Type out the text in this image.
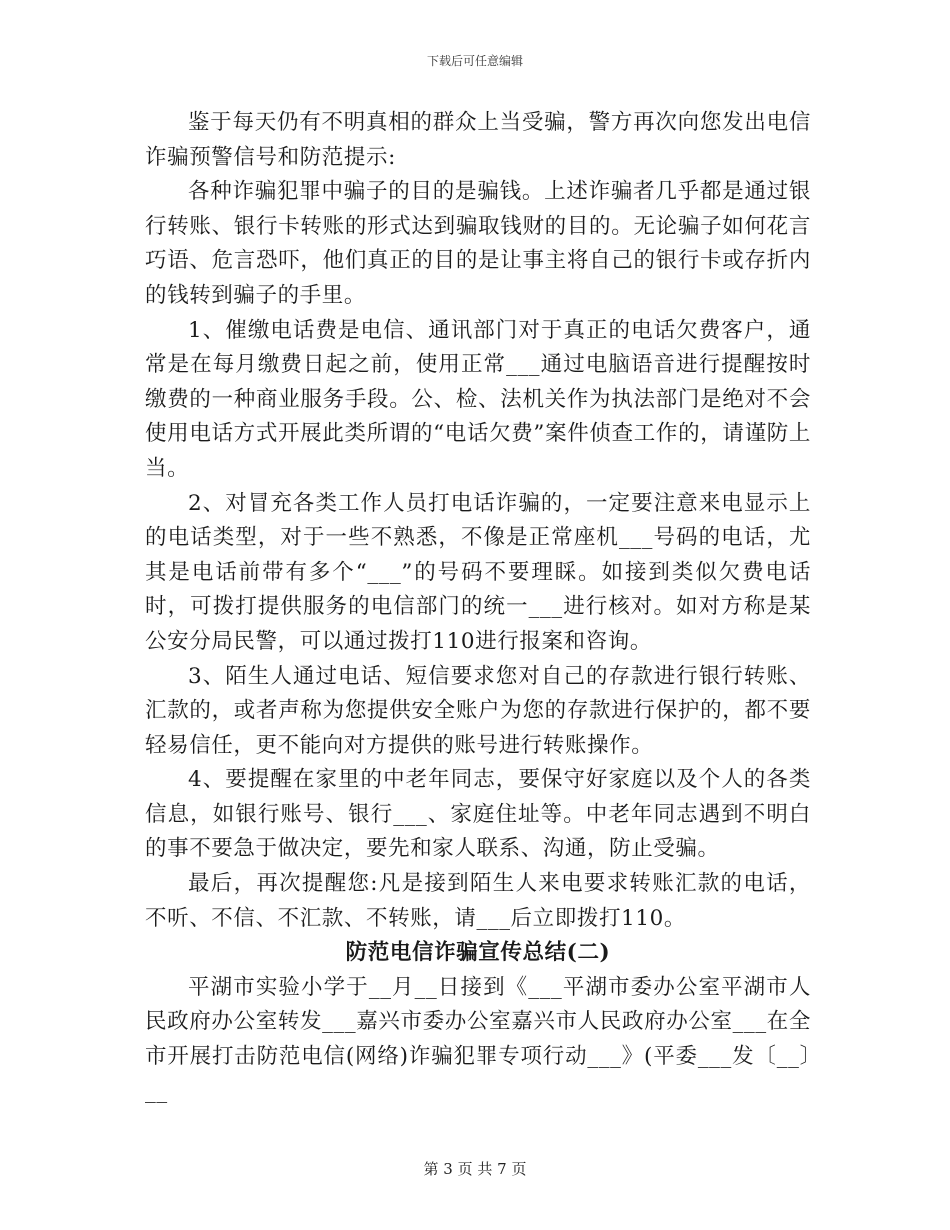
下载后可任意编辑

鉴于每天仍有不明真相的群众上当受骗，警方再次向您发出电信诈骗预警信号和防范提示:

各种诈骗犯罪中骗子的目的是骗钱。上述诈骗者几乎都是通过银行转账、银行卡转账的形式达到骗取钱财的目的。无论骗子如何花言巧语、危言恐吓，他们真正的目的是让事主将自己的银行卡或存折内的钱转到骗子的手里。

1、催缴电话费是电信、通讯部门对于真正的电话欠费客户，通常是在每月缴费日起之前，使用正常___通过电脑语音进行提醒按时缴费的一种商业服务手段。公、检、法机关作为执法部门是绝对不会使用电话方式开展此类所谓的“电话欠费”案件侦查工作的，请谨防上当。

2、对冒充各类工作人员打电话诈骗的，一定要注意来电显示上的电话类型，对于一些不熟悉，不像是正常座机___号码的电话，尤其是电话前带有多个“___”的号码不要理睬。如接到类似欠费电话时，可拨打提供服务的电信部门的统一___进行核对。如对方称是某公安分局民警，可以通过拨打110进行报案和咨询。

3、陌生人通过电话、短信要求您对自己的存款进行银行转账、汇款的，或者声称为您提供安全账户为您的存款进行保护的，都不要轻易信任，更不能向对方提供的账号进行转账操作。

4、要提醒在家里的中老年同志，要保守好家庭以及个人的各类信息，如银行账号、银行___、家庭住址等。中老年同志遇到不明白的事不要急于做决定，要先和家人联系、沟通，防止受骗。

最后，再次提醒您:凡是接到陌生人来电要求转账汇款的电话，不听、不信、不汇款、不转账，请___后立即拨打110。

防范电信诈骗宣传总结(二)

平湖市实验小学于__月__日接到《___平湖市委办公室平湖市人民政府办公室转发___嘉兴市委办公室嘉兴市人民政府办公室___在全市开展打击防范电信(网络)诈骗犯罪专项行动___》(平委___发〔__〕__

第 3 页 共 7 页
